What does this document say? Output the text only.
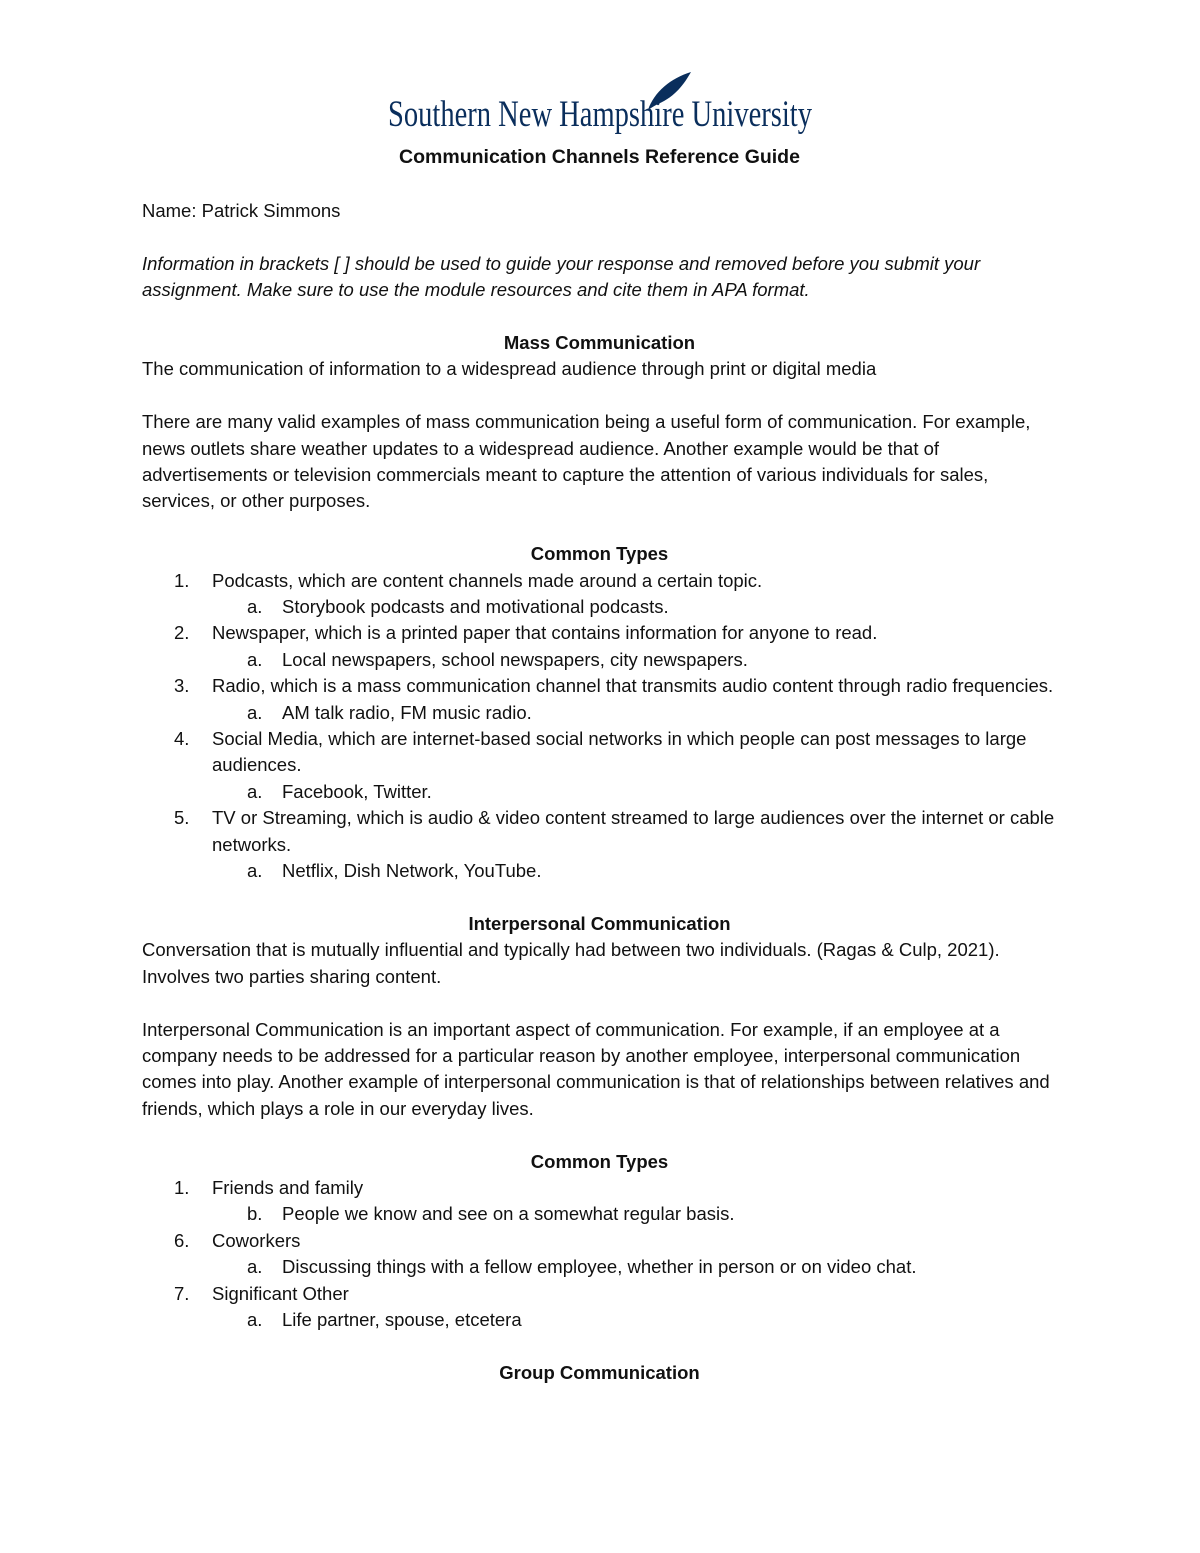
Southern New Hampshire University

Communication Channels Reference Guide

Name: Patrick Simmons

Information in brackets [ ] should be used to guide your response and removed before you submit your assignment. Make sure to use the module resources and cite them in APA format.

Mass Communication

The communication of information to a widespread audience through print or digital media

There are many valid examples of mass communication being a useful form of communication. For example, news outlets share weather updates to a widespread audience. Another example would be that of advertisements or television commercials meant to capture the attention of various individuals for sales, services, or other purposes.

Common Types

1. Podcasts, which are content channels made around a certain topic.
a. Storybook podcasts and motivational podcasts.
2. Newspaper, which is a printed paper that contains information for anyone to read.
a. Local newspapers, school newspapers, city newspapers.
3. Radio, which is a mass communication channel that transmits audio content through radio frequencies.
a. AM talk radio, FM music radio.
4. Social Media, which are internet-based social networks in which people can post messages to large audiences.
a. Facebook, Twitter.
5. TV or Streaming, which is audio & video content streamed to large audiences over the internet or cable networks.
a. Netflix, Dish Network, YouTube.

Interpersonal Communication

Conversation that is mutually influential and typically had between two individuals. (Ragas & Culp, 2021). Involves two parties sharing content.

Interpersonal Communication is an important aspect of communication. For example, if an employee at a company needs to be addressed for a particular reason by another employee, interpersonal communication comes into play. Another example of interpersonal communication is that of relationships between relatives and friends, which plays a role in our everyday lives.

Common Types

1. Friends and family
b. People we know and see on a somewhat regular basis.
6. Coworkers
a. Discussing things with a fellow employee, whether in person or on video chat.
7. Significant Other
a. Life partner, spouse, etcetera

Group Communication
